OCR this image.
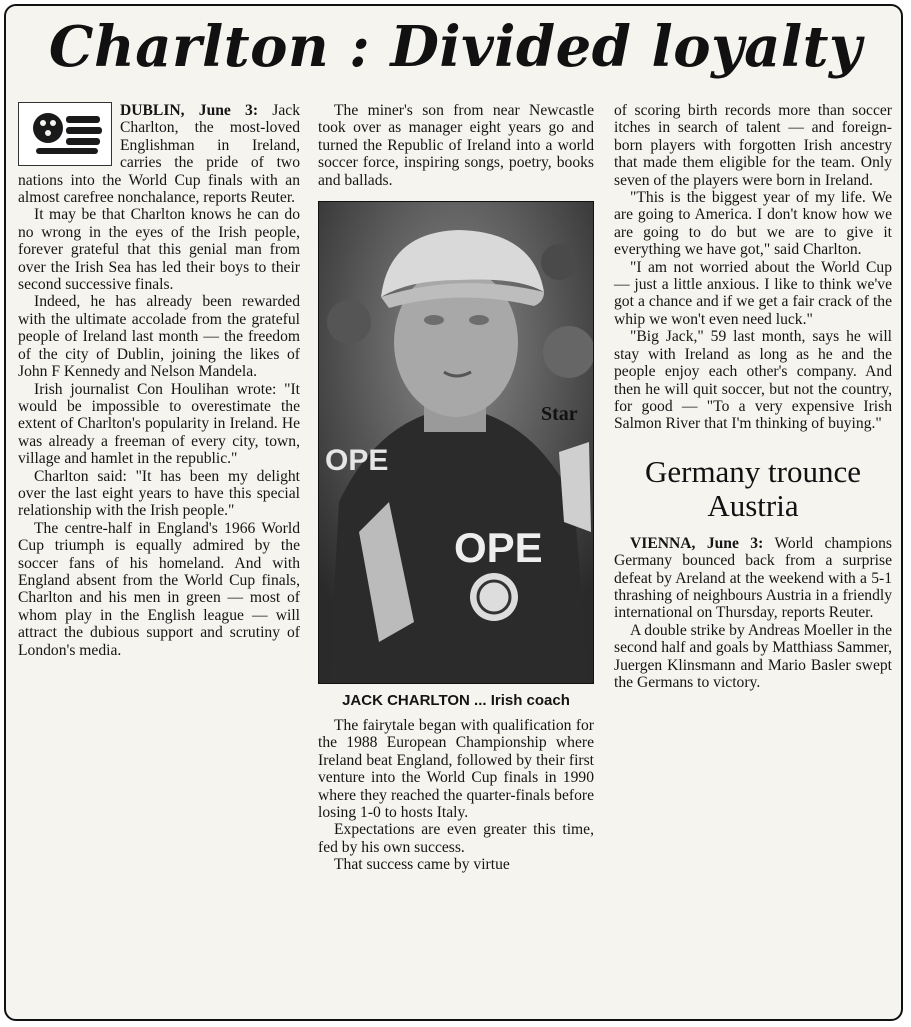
Charlton : Divided loyalty

DUBLIN, June 3: Jack Charlton, the most-loved Englishman in Ireland, carries the pride of two nations into the World Cup finals with an almost carefree nonchalance, reports Reuter.

It may be that Charlton knows he can do no wrong in the eyes of the Irish people, forever grateful that this genial man from over the Irish Sea has led their boys to their second successive finals.

Indeed, he has already been rewarded with the ultimate accolade from the grateful people of Ireland last month — the freedom of the city of Dublin, joining the likes of John F Kennedy and Nelson Mandela.

Irish journalist Con Houlihan wrote: "It would be impossible to overestimate the extent of Charlton's popularity in Ireland. He was already a freeman of every city, town, village and hamlet in the republic."

Charlton said: "It has been my delight over the last eight years to have this special relationship with the Irish people."

The centre-half in England's 1966 World Cup triumph is equally admired by the soccer fans of his homeland. And with England absent from the World Cup finals, Charlton and his men in green — most of whom play in the English league — will attract the dubious support and scrutiny of London's media.

The miner's son from near Newcastle took over as manager eight years go and turned the Republic of Ireland into a world soccer force, inspiring songs, poetry, books and ballads.

OPE
OPE
Star
JACK CHARLTON ... Irish coach

The fairytale began with qualification for the 1988 European Championship where Ireland beat England, followed by their first venture into the World Cup finals in 1990 where they reached the quarter-finals before losing 1-0 to hosts Italy.

Expectations are even greater this time, fed by his own success.

That success came by virtue

of scoring birth records more than soccer itches in search of talent — and foreign-born players with forgotten Irish ancestry that made them eligible for the team. Only seven of the players were born in Ireland.

"This is the biggest year of my life. We are going to America. I don't know how we are going to do but we are to give it everything we have got," said Charlton.

"I am not worried about the World Cup — just a little anxious. I like to think we've got a chance and if we get a fair crack of the whip we won't even need luck."

"Big Jack," 59 last month, says he will stay with Ireland as long as he and the people enjoy each other's company. And then he will quit soccer, but not the country, for good — "To a very expensive Irish Salmon River that I'm thinking of buying."

Germany trounce Austria

VIENNA, June 3: World champions Germany bounced back from a surprise defeat by Areland at the weekend with a 5-1 thrashing of neighbours Austria in a friendly international on Thursday, reports Reuter.

A double strike by Andreas Moeller in the second half and goals by Matthiass Sammer, Juergen Klinsmann and Mario Basler swept the Germans to victory.
